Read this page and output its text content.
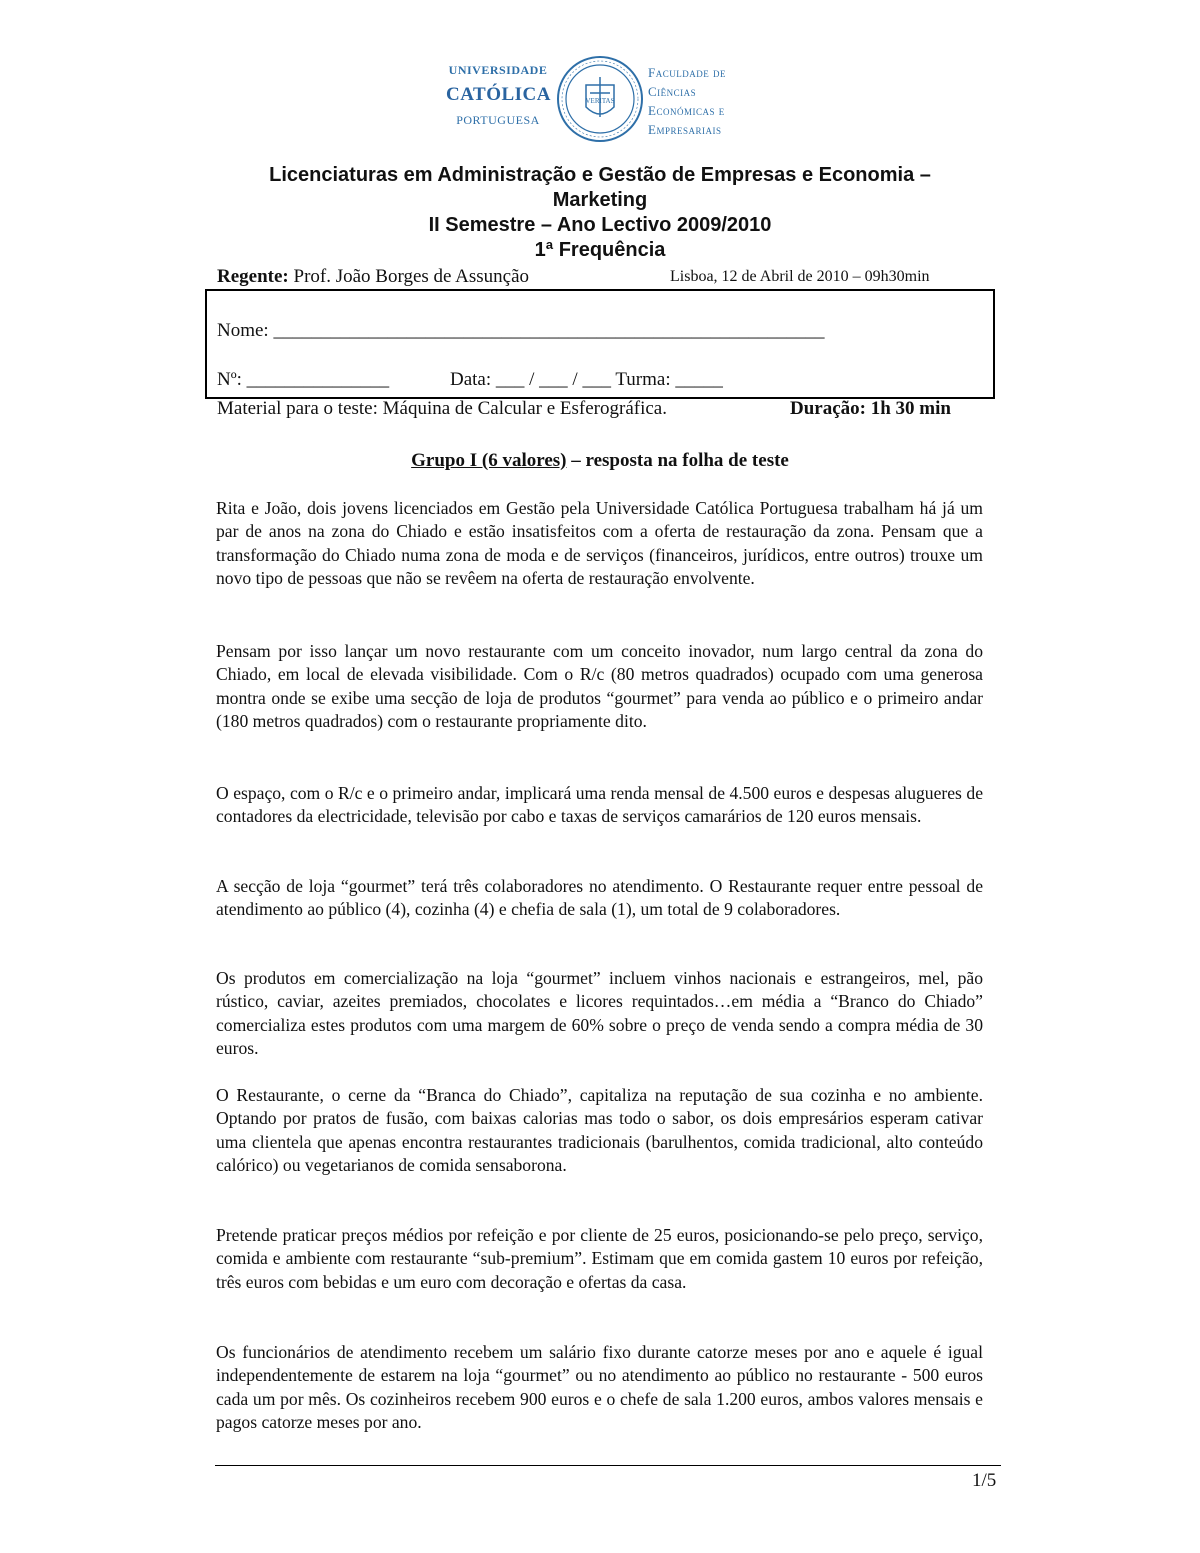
UNIVERSIDADE
CATÓLICA
PORTUGUESA
VERITAS
Faculdade de
Ciências
Económicas e
Empresariais
Licenciaturas em Administração e Gestão de Empresas e Economia –
Marketing
II Semestre – Ano Lectivo 2009/2010
1ª Frequência
Regente: Prof. João Borges de Assunção	Lisboa, 12 de Abril de 2010 – 09h30min
Nome: __________________________________________________________
Nº: _______________	Data: ___ / ___ / ___ Turma: _____
Material para o teste: Máquina de Calcular e Esferográfica.	Duração: 1h 30 min
Grupo I (6 valores) – resposta na folha de teste

Rita e João, dois jovens licenciados em Gestão pela Universidade Católica Portuguesa trabalham há já um par de anos na zona do Chiado e estão insatisfeitos com a oferta de restauração da zona. Pensam que a transformação do Chiado numa zona de moda e de serviços (financeiros, jurídicos, entre outros) trouxe um novo tipo de pessoas que não se revêem na oferta de restauração envolvente.

Pensam por isso lançar um novo restaurante com um conceito inovador, num largo central da zona do Chiado, em local de elevada visibilidade. Com o R/c (80 metros quadrados) ocupado com uma generosa montra onde se exibe uma secção de loja de produtos “gourmet” para venda ao público e o primeiro andar (180 metros quadrados) com o restaurante propriamente dito.

O espaço, com o R/c e o primeiro andar, implicará uma renda mensal de 4.500 euros e despesas alugueres de contadores da electricidade, televisão por cabo e taxas de serviços camarários de 120 euros mensais.

A secção de loja “gourmet” terá três colaboradores no atendimento. O Restaurante requer entre pessoal de atendimento ao público (4), cozinha (4) e chefia de sala (1), um total de 9 colaboradores.

Os produtos em comercialização na loja “gourmet” incluem vinhos nacionais e estrangeiros, mel, pão rústico, caviar, azeites premiados, chocolates e licores requintados…em média a “Branco do Chiado” comercializa estes produtos com uma margem de 60% sobre o preço de venda sendo a compra média de 30 euros.

O Restaurante, o cerne da “Branca do Chiado”, capitaliza na reputação de sua cozinha e no ambiente. Optando por pratos de fusão, com baixas calorias mas todo o sabor, os dois empresários esperam cativar uma clientela que apenas encontra restaurantes tradicionais (barulhentos, comida tradicional, alto conteúdo calórico) ou vegetarianos de comida sensaborona.

Pretende praticar preços médios por refeição e por cliente de 25 euros, posicionando-se pelo preço, serviço, comida e ambiente com restaurante “sub-premium”. Estimam que em comida gastem 10 euros por refeição, três euros com bebidas e um euro com decoração e ofertas da casa.

Os funcionários de atendimento recebem um salário fixo durante catorze meses por ano e aquele é igual independentemente de estarem na loja “gourmet” ou no atendimento ao público no restaurante - 500 euros cada um por mês. Os cozinheiros recebem 900 euros e o chefe de sala 1.200 euros, ambos valores mensais e pagos catorze meses por ano.

1/5
